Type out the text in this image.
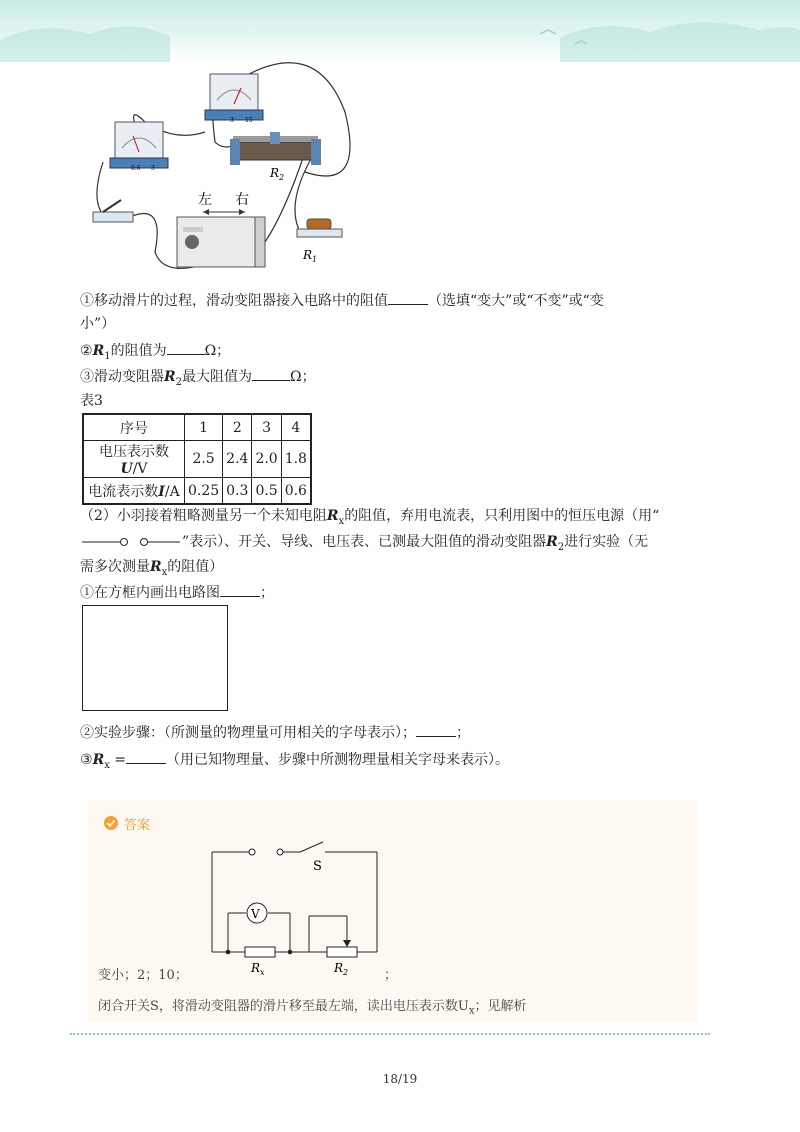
- 3 15
- 0.6 3	$R_2$
左 右
$R_1$
①移动滑片的过程，滑动变阻器接入电路中的阻值	（选填“变大”或“不变”或“变
小”）
$②R_1$的阻值为	Ω；
③滑动变阻器$R_2$最大阻值为	Ω；
表3
序号	1	2	3	4
电压表示数U/V	2.5	2.4	2.0	1.8
电流表示数I/A	0.25	0.3	0.5	0.6
（2）小羽接着粗略测量另一个未知电阻$R_x$的阻值，弃用电流表，只利用图中的恒压电源（用“
”表示）、开关、导线、电压表、已测最大阻值的滑动变阻器$R_2$进行实验（无
需多次测量$R_x$的阻值）
①在方框内画出电路图	；
②实验步骤：（所测量的物理量可用相关的字母表示）；	；
$③R_x$ =	（用已知物理量、步骤中所测物理量相关字母来表示）。
答案
S
V
$R_x$	$R_2$
变小；2；10；	；
闭合开关S，将滑动变阻器的滑片移至最左端，读出电压表示数$U_x$；见解析
18/19
